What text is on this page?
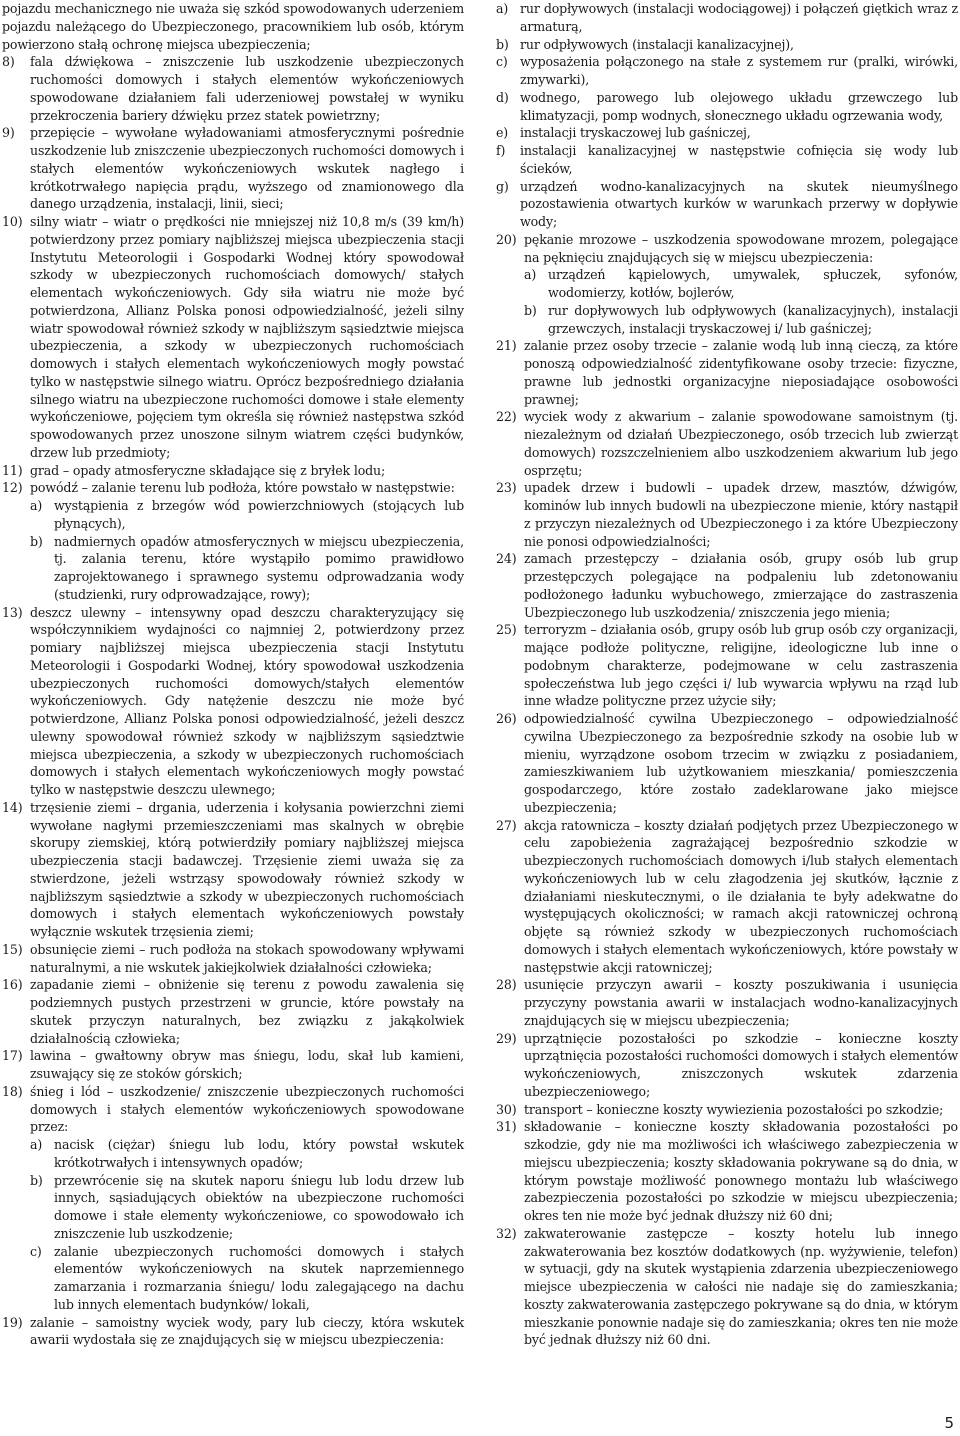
pojazdu mechanicznego nie uważa się szkód spowodowanych uderzeniem pojazdu należącego do Ubezpieczonego, pracownikiem lub osób, którym powierzono stałą ochronę miejsca ubezpieczenia;
8) fala dźwiękowa – zniszczenie lub uszkodzenie ubezpieczonych ruchomości domowych i stałych elementów wykończeniowych spowodowane działaniem fali uderzeniowej powstałej w wyniku przekroczenia bariery dźwięku przez statek powietrzny;
9) przepięcie – wywołane wyładowaniami atmosferycznymi pośrednie uszkodzenie lub zniszczenie ubezpieczonych ruchomości domowych i stałych elementów wykończeniowych wskutek nagłego i krótkotrwałego napięcia prądu, wyższego od znamionowego dla danego urządzenia, instalacji, linii, sieci;
10) silny wiatr – wiatr o prędkości nie mniejszej niż 10,8 m/s (39 km/h) potwierdzony przez pomiary najbliższej miejsca ubezpieczenia stacji Instytutu Meteorologii i Gospodarki Wodnej który spowodował szkody w ubezpieczonych ruchomościach domowych/ stałych elementach wykończeniowych. Gdy siła wiatru nie może być potwierdzona, Allianz Polska ponosi odpowiedzialność, jeżeli silny wiatr spowodował również szkody w najbliższym sąsiedztwie miejsca ubezpieczenia, a szkody w ubezpieczonych ruchomościach domowych i stałych elementach wykończeniowych mogły powstać tylko w następstwie silnego wiatru. Oprócz bezpośredniego działania silnego wiatru na ubezpieczone ruchomości domowe i stałe elementy wykończeniowe, pojęciem tym określa się również następstwa szkód spowodowanych przez unoszone silnym wiatrem części budynków, drzew lub przedmioty;
11) grad – opady atmosferyczne składające się z bryłek lodu;
12) powódź – zalanie terenu lub podłoża, które powstało w następstwie:
a) wystąpienia z brzegów wód powierzchniowych (stojących lub płynących),
b) nadmiernych opadów atmosferycznych w miejscu ubezpieczenia, tj. zalania terenu, które wystąpiło pomimo prawidłowo zaprojektowanego i sprawnego systemu odprowadzania wody (studzienki, rury odprowadzające, rowy);
13) deszcz ulewny – intensywny opad deszczu charakteryzujący się współczynnikiem wydajności co najmniej 2, potwierdzony przez pomiary najbliższej miejsca ubezpieczenia stacji Instytutu Meteorologii i Gospodarki Wodnej, który spowodował uszkodzenia ubezpieczonych ruchomości domowych/stałych elementów wykończeniowych. Gdy natężenie deszczu nie może być potwierdzone, Allianz Polska ponosi odpowiedzialność, jeżeli deszcz ulewny spowodował również szkody w najbliższym sąsiedztwie miejsca ubezpieczenia, a szkody w ubezpieczonych ruchomościach domowych i stałych elementach wykończeniowych mogły powstać tylko w następstwie deszczu ulewnego;
14) trzęsienie ziemi – drgania, uderzenia i kołysania powierzchni ziemi wywołane nagłymi przemieszczeniami mas skalnych w obrębie skorupy ziemskiej, którą potwierdziły pomiary najbliższej miejsca ubezpieczenia stacji badawczej. Trzęsienie ziemi uważa się za stwierdzone, jeżeli wstrząsy spowodowały również szkody w najbliższym sąsiedztwie a szkody w ubezpieczonych ruchomościach domowych i stałych elementach wykończeniowych powstały wyłącznie wskutek trzęsienia ziemi;
15) obsunięcie ziemi – ruch podłoża na stokach spowodowany wpływami naturalnymi, a nie wskutek jakiejkolwiek działalności człowieka;
16) zapadanie ziemi – obniżenie się terenu z powodu zawalenia się podziemnych pustych przestrzeni w gruncie, które powstały na skutek przyczyn naturalnych, bez związku z jakąkolwiek działalnością człowieka;
17) lawina – gwałtowny obryw mas śniegu, lodu, skał lub kamieni, zsuwający się ze stoków górskich;
18) śnieg i lód – uszkodzenie/ zniszczenie ubezpieczonych ruchomości domowych i stałych elementów wykończeniowych spowodowane przez:
a) nacisk (ciężar) śniegu lub lodu, który powstał wskutek krótkotrwałych i intensywnych opadów;
b) przewrócenie się na skutek naporu śniegu lub lodu drzew lub innych, sąsiadujących obiektów na ubezpieczone ruchomości domowe i stałe elementy wykończeniowe, co spowodowało ich zniszczenie lub uszkodzenie;
c) zalanie ubezpieczonych ruchomości domowych i stałych elementów wykończeniowych na skutek naprzemiennego zamarzania i rozmarzania śniegu/ lodu zalegającego na dachu lub innych elementach budynków/ lokali,
19) zalanie – samoistny wyciek wody, pary lub cieczy, która wskutek awarii wydostała się ze znajdujących się w miejscu ubezpieczenia:
a) rur dopływowych (instalacji wodociągowej) i połączeń giętkich wraz z armaturą,
b) rur odpływowych (instalacji kanalizacyjnej),
c) wyposażenia połączonego na stałe z systemem rur (pralki, wirówki, zmywarki),
d) wodnego, parowego lub olejowego układu grzewczego lub klimatyzacji, pomp wodnych, słonecznego układu ogrzewania wody,
e) instalacji tryskaczowej lub gaśniczej,
f) instalacji kanalizacyjnej w następstwie cofnięcia się wody lub ścieków,
g) urządzeń wodno-kanalizacyjnych na skutek nieumyślnego pozostawienia otwartych kurków w warunkach przerwy w dopływie wody;
20) pękanie mrozowe – uszkodzenia spowodowane mrozem, polegające na pęknięciu znajdujących się w miejscu ubezpieczenia:
a) urządzeń kąpielowych, umywalek, spłuczek, syfonów, wodomierzy, kotłów, bojlerów,
b) rur dopływowych lub odpływowych (kanalizacyjnych), instalacji grzewczych, instalacji tryskaczowej i/ lub gaśniczej;
21) zalanie przez osoby trzecie – zalanie wodą lub inną cieczą, za które ponoszą odpowiedzialność zidentyfikowane osoby trzecie: fizyczne, prawne lub jednostki organizacyjne nieposiadające osobowości prawnej;
22) wyciek wody z akwarium – zalanie spowodowane samoistnym (tj. niezależnym od działań Ubezpieczonego, osób trzecich lub zwierząt domowych) rozszczelnieniem albo uszkodzeniem akwarium lub jego osprzętu;
23) upadek drzew i budowli – upadek drzew, masztów, dźwigów, kominów lub innych budowli na ubezpieczone mienie, który nastąpił z przyczyn niezależnych od Ubezpieczonego i za które Ubezpieczony nie ponosi odpowiedzialności;
24) zamach przestępczy – działania osób, grupy osób lub grup przestępczych polegające na podpaleniu lub zdetonowaniu podłożonego ładunku wybuchowego, zmierzające do zastraszenia Ubezpieczonego lub uszkodzenia/ zniszczenia jego mienia;
25) terroryzm – działania osób, grupy osób lub grup osób czy organizacji, mające podłoże polityczne, religijne, ideologiczne lub inne o podobnym charakterze, podejmowane w celu zastraszenia społeczeństwa lub jego części i/ lub wywarcia wpływu na rząd lub inne władze polityczne przez użycie siły;
26) odpowiedzialność cywilna Ubezpieczonego – odpowiedzialność cywilna Ubezpieczonego za bezpośrednie szkody na osobie lub w mieniu, wyrządzone osobom trzecim w związku z posiadaniem, zamieszkiwaniem lub użytkowaniem mieszkania/ pomieszczenia gospodarczego, które zostało zadeklarowane jako miejsce ubezpieczenia;
27) akcja ratownicza – koszty działań podjętych przez Ubezpieczonego w celu zapobieżenia zagrażającej bezpośrednio szkodzie w ubezpieczonych ruchomościach domowych i/lub stałych elementach wykończeniowych lub w celu złagodzenia jej skutków, łącznie z działaniami nieskutecznymi, o ile działania te były adekwatne do występujących okoliczności; w ramach akcji ratowniczej ochroną objęte są również szkody w ubezpieczonych ruchomościach domowych i stałych elementach wykończeniowych, które powstały w następstwie akcji ratowniczej;
28) usunięcie przyczyn awarii – koszty poszukiwania i usunięcia przyczyny powstania awarii w instalacjach wodno-kanalizacyjnych znajdujących się w miejscu ubezpieczenia;
29) uprzątnięcie pozostałości po szkodzie – konieczne koszty uprzątnięcia pozostałości ruchomości domowych i stałych elementów wykończeniowych, zniszczonych wskutek zdarzenia ubezpieczeniowego;
30) transport – konieczne koszty wywiezienia pozostałości po szkodzie;
31) składowanie – konieczne koszty składowania pozostałości po szkodzie, gdy nie ma możliwości ich właściwego zabezpieczenia w miejscu ubezpieczenia; koszty składowania pokrywane są do dnia, w którym powstaje możliwość ponownego montażu lub właściwego zabezpieczenia pozostałości po szkodzie w miejscu ubezpieczenia; okres ten nie może być jednak dłuższy niż 60 dni;
32) zakwaterowanie zastępcze – koszty hotelu lub innego zakwaterowania bez kosztów dodatkowych (np. wyżywienie, telefon) w sytuacji, gdy na skutek wystąpienia zdarzenia ubezpieczeniowego miejsce ubezpieczenia w całości nie nadaje się do zamieszkania; koszty zakwaterowania zastępczego pokrywane są do dnia, w którym mieszkanie ponownie nadaje się do zamieszkania; okres ten nie może być jednak dłuższy niż 60 dni.
5
